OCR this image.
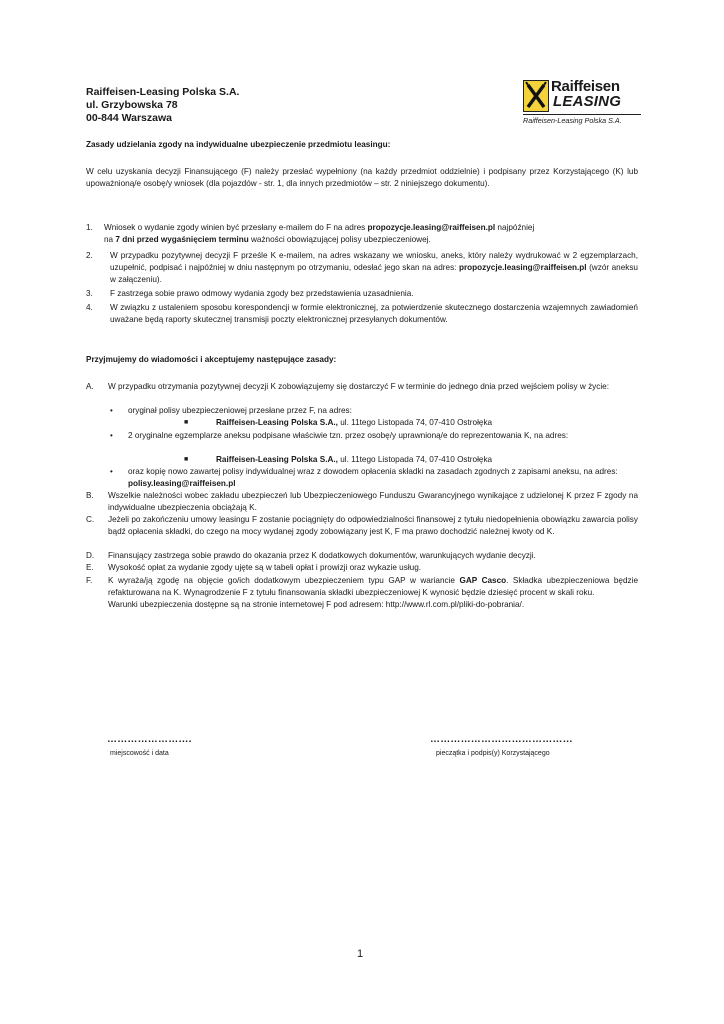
Raiffeisen-Leasing Polska S.A.
ul. Grzybowska 78
00-844 Warszawa
Raiffeisen
LEASING
Raiffeisen-Leasing Polska S.A.
Zasady udzielania zgody na indywidualne ubezpieczenie przedmiotu leasingu:
W celu uzyskania decyzji Finansującego (F) należy przesłać wypełniony (na każdy przedmiot oddzielnie) i podpisany przez Korzystającego (K) lub upoważnioną/e osobę/y wniosek (dla pojazdów - str. 1, dla innych przedmiotów – str. 2 niniejszego dokumentu).
1. Wniosek o wydanie zgody winien być przesłany e-mailem do F na adres propozycje.leasing@raiffeisen.pl najpóźniej
na 7 dni przed wygaśnięciem terminu ważności obowiązującej polisy ubezpieczeniowej.
2. W przypadku pozytywnej decyzji F prześle K e-mailem, na adres wskazany we wniosku, aneks, który należy wydrukować w 2 egzemplarzach, uzupełnić, podpisać i najpóźniej w dniu następnym po otrzymaniu, odesłać jego skan na adres: propozycje.leasing@raiffeisen.pl (wzór aneksu w załączeniu).
3. F zastrzega sobie prawo odmowy wydania zgody bez przedstawienia uzasadnienia.
4. W związku z ustaleniem sposobu korespondencji w formie elektronicznej, za potwierdzenie skutecznego dostarczenia wzajemnych zawiadomień uważane będą raporty skutecznej transmisji poczty elektronicznej przesyłanych dokumentów.
Przyjmujemy do wiadomości i akceptujemy następujące zasady:
A. W przypadku otrzymania pozytywnej decyzji K zobowiązujemy się dostarczyć F w terminie do jednego dnia przed wejściem polisy w życie:
• oryginał polisy ubezpieczeniowej przesłane przez F, na adres:
■	Raiffeisen-Leasing Polska S.A., ul. 11tego Listopada 74, 07-410 Ostrołęka
• 2 oryginalne egzemplarze aneksu podpisane właściwie tzn. przez osobę/y uprawnioną/e do reprezentowania K, na adres:
■	Raiffeisen-Leasing Polska S.A., ul. 11tego Listopada 74, 07-410 Ostrołęka
• oraz kopię nowo zawartej polisy indywidualnej wraz z dowodem opłacenia składki na zasadach zgodnych z zapisami aneksu, na adres: polisy.leasing@raiffeisen.pl
B. Wszelkie należności wobec zakładu ubezpieczeń lub Ubezpieczeniowego Funduszu Gwarancyjnego wynikające z udzielonej K przez F zgody na indywidualne ubezpieczenia obciążają K.
C. Jeżeli po zakończeniu umowy leasingu F zostanie pociągnięty do odpowiedzialności finansowej z tytułu niedopełnienia obowiązku zawarcia polisy bądź opłacenia składki, do czego na mocy wydanej zgody zobowiązany jest K, F ma prawo dochodzić należnej kwoty od K.
D. Finansujący zastrzega sobie prawdo do okazania przez K dodatkowych dokumentów, warunkujących wydanie decyzji.
E. Wysokość opłat za wydanie zgody ujęte są w tabeli opłat i prowizji oraz wykazie usług.
F. K wyraża/ją zgodę na objęcie go/ich dodatkowym ubezpieczeniem typu GAP w wariancie GAP Casco. Składka ubezpieczeniowa będzie refakturowana na K. Wynagrodzenie F z tytułu finansowania składki ubezpieczeniowej K wynosić będzie dziesięć procent w skali roku.
Warunki ubezpieczenia dostępne są na stronie internetowej F pod adresem: http://www.rl.com.pl/pliki-do-pobrania/.
…………………….
miejscowość i data
……………………………………
pieczątka i podpis(y) Korzystającego
1
